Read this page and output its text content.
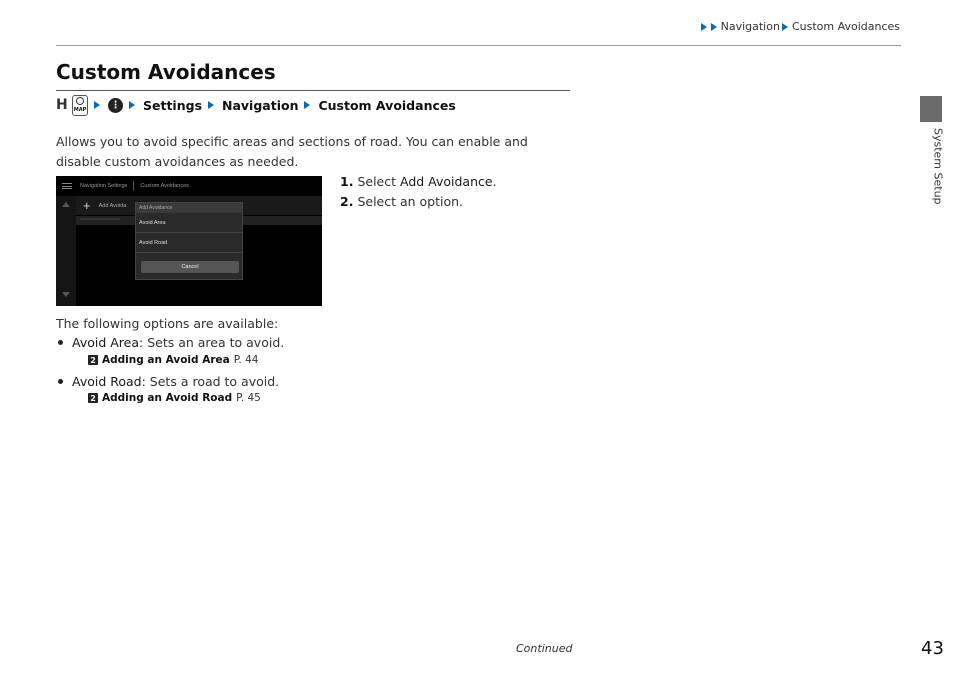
Navigation Custom Avoidances
System Setup
Custom Avoidances
H MAP ⋮ Settings Navigation Custom Avoidances
Allows you to avoid specific areas and sections of road. You can enable and disable custom avoidances as needed.
Navigation Settings Custom Avoidances
+ Add Avoida	Add Avoidance
Avoid Area
Avoid Road
Cancel
1. Select Add Avoidance.
2. Select an option.
The following options are available:
Avoid Area : Sets an area to avoid.
2 Adding an Avoid Area P. 44
Avoid Road : Sets a road to avoid.
2 Adding an Avoid Road P. 45
Continued	43
